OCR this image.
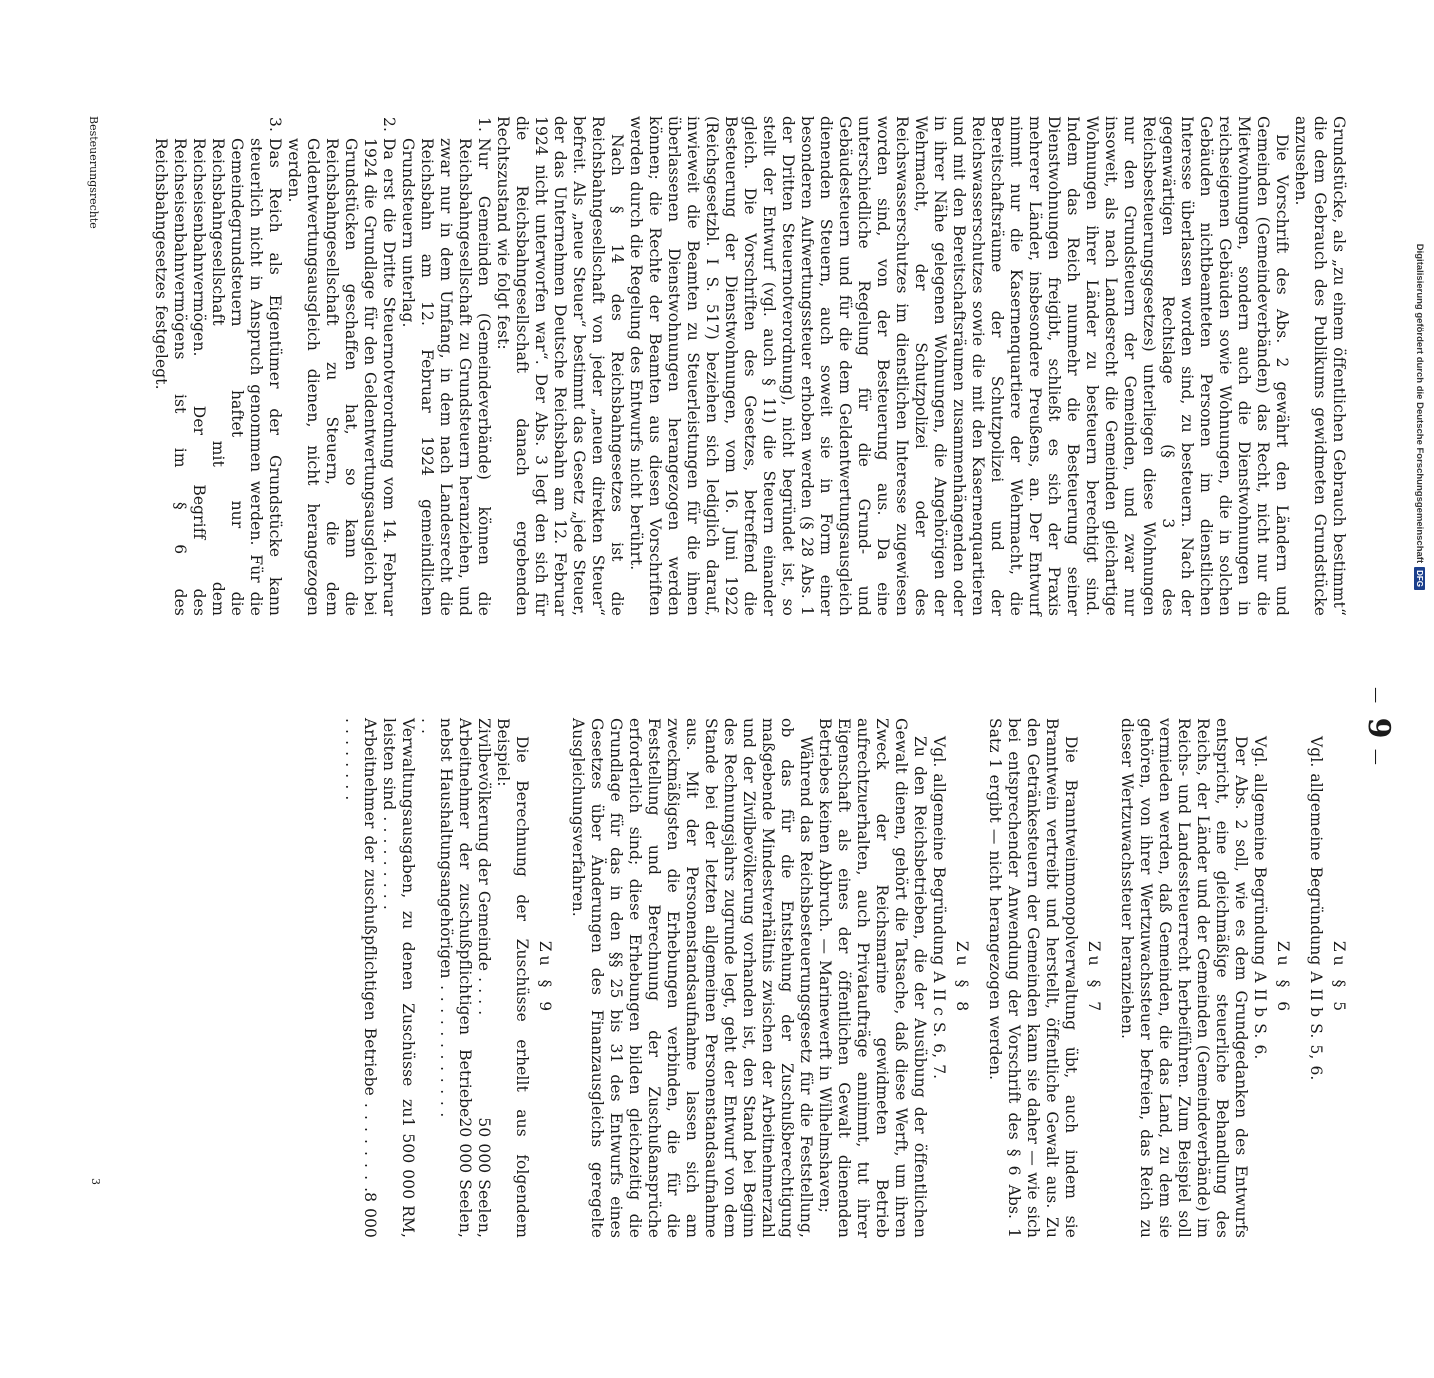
— 9 —

Grundstücke, als „zu einem öffentlichen Gebrauch bestimmt“ die dem Gebrauch des Publikums gewidmeten Grundstücke anzusehen.

Die Vorschrift des Abs. 2 gewährt den Ländern und Gemeinden (Gemeindeverbänden) das Recht, nicht nur die Mietwohnungen, sondern auch die Dienstwohnungen in reichseigenen Gebäuden sowie Wohnungen, die in solchen Gebäuden nichtbeamteten Personen im dienstlichen Interesse überlassen worden sind, zu besteuern. Nach der gegenwärtigen Rechtslage (§ 3 des Reichsbesteuerungsgesetzes) unterliegen diese Wohnungen nur den Grundsteuern der Gemeinden, und zwar nur insoweit, als nach Landesrecht die Gemeinden gleichartige Wohnungen ihrer Länder zu besteuern berechtigt sind. Indem das Reich nunmehr die Besteuerung seiner Dienstwohnungen freigibt, schließt es sich der Praxis mehrerer Länder, insbesondere Preußens, an. Der Entwurf nimmt nur die Kasernenquartiere der Wehrmacht, die Bereitschaftsräume der Schutzpolizei und der Reichswasserschutzes sowie die mit den Kasernenquartieren und mit den Bereitschaftsräumen zusammenhängenden oder in ihrer Nähe gelegenen Wohnungen, die Angehörigen der Wehrmacht, der Schutzpolizei oder des Reichswasserschutzes im dienstlichen Interesse zugewiesen worden sind, von der Besteuerung aus. Da eine unterschiedliche Regelung für die Grund- und Gebäudesteuern und für die dem Geldentwertungsausgleich dienenden Steuern, auch soweit sie in Form einer besonderen Aufwertungssteuer erhoben werden (§ 28 Abs. 1 der Dritten Steuernotverordnung), nicht begründet ist, so stellt der Entwurf (vgl. auch § 11) die Steuern einander gleich. Die Vorschriften des Gesetzes, betreffend die Besteuerung der Dienstwohnungen, vom 16. Juni 1922 (Reichsgesetzbl. I S. 517) beziehen sich lediglich darauf, inwieweit die Beamten zu Steuerleistungen für die ihnen überlassenen Dienstwohnungen herangezogen werden können; die Rechte der Beamten aus diesen Vorschriften werden durch die Regelung des Entwurfs nicht berührt.

Nach § 14 des Reichsbahngesetzes ist die Reichsbahngesellschaft von jeder „neuen direkten Steuer“ befreit. Als „neue Steuer“ bestimmt das Gesetz „jede Steuer, der das Unternehmen Deutsche Reichsbahn am 12. Februar 1924 nicht unterworfen war“. Der Abs. 3 legt den sich für die Reichsbahngesellschaft danach ergebenden Rechtszustand wie folgt fest:

1. Nur Gemeinden (Gemeindeverbände) können die Reichsbahngesellschaft zu Grundsteuern heranziehen, und zwar nur in dem Umfang, in dem nach Landesrecht die Reichsbahn am 12. Februar 1924 gemeindlichen Grundsteuern unterlag.
2. Da erst die Dritte Steuernotverordnung vom 14. Februar 1924 die Grundlage für den Geldentwertungsausgleich bei Grundstücken geschaffen hat, so kann die Reichsbahngesellschaft zu Steuern, die dem Geldentwertungsausgleich dienen, nicht herangezogen werden.
3. Das Reich als Eigentümer der Grundstücke kann steuerlich nicht in Anspruch genommen werden. Für die Gemeindegrundsteuern haftet nur die Reichsbahngesellschaft mit dem Reichseisenbahnvermögen. Der Begriff des Reichseisenbahnvermögens ist im § 6 des Reichsbahngesetzes festgelegt.
Zu § 5

Vgl. allgemeine Begründung A II b S. 5, 6.

Zu § 6

Vgl. allgemeine Begründung A II b S. 6.

Der Abs. 2 soll, wie es dem Grundgedanken des Entwurfs entspricht, eine gleichmäßige steuerliche Behandlung des Reichs, der Länder und der Gemeinden (Gemeindeverbände) im Reichs- und Landessteuerrecht herbeiführen. Zum Beispiel soll vermieden werden, daß Gemeinden, die das Land, zu dem sie gehören, von ihrer Wertzuwachssteuer befreien, das Reich zu dieser Wertzuwachssteuer heranziehen.

Zu § 7

Die Branntweinmonopolverwaltung übt, auch indem sie Branntwein vertreibt und herstellt, öffentliche Gewalt aus. Zu den Getränkesteuern der Gemeinden kann sie daher — wie sich bei entsprechender Anwendung der Vorschrift des § 6 Abs. 1 Satz 1 ergibt — nicht herangezogen werden.

Zu § 8

Vgl. allgemeine Begründung A II c S. 6, 7.

Zu den Reichsbetrieben, die der Ausübung der öffentlichen Gewalt dienen, gehört die Tatsache, daß diese Werft, um ihren Zweck der Reichsmarine gewidmeten Betrieb aufrechtzuerhalten, auch Privataufträge annimmt, tut ihrer Eigenschaft als eines der öffentlichen Gewalt dienenden Betriebes keinen Abbruch. — Marinewerft in Wilhelmshaven;

Während das Reichsbesteuerungsgesetz für die Feststellung, ob das für die Entstehung der Zuschußberechtigung maßgebende Mindestverhältnis zwischen der Arbeitnehmerzahl und der Zivilbevölkerung vorhanden ist, den Stand bei Beginn des Rechnungsjahrs zugrunde legt, geht der Entwurf von dem Stande bei der letzten allgemeinen Personenstandsaufnahme aus. Mit der Personenstandsaufnahme lassen sich am zweckmäßigsten die Erhebungen verbinden, die für die Feststellung und Berechnung der Zuschußansprüche erforderlich sind; diese Erhebungen bilden gleichzeitig die Grundlage für das in den §§ 25 bis 31 des Entwurfs eines Gesetzes über Änderungen des Finanzausgleichs geregelte Ausgleichungsverfahren.

Zu § 9

Die Berechnung der Zuschüsse erhellt aus folgendem Beispiel:

Zivilbevölkerung der Gemeinde . . . .
50 000 Seelen,
Arbeitnehmer der zuschußpflichtigen Betriebe nebst Haushaltungsangehörigen . . . . . . . . . . . . . .
20 000 Seelen,
Verwaltungsausgaben, zu denen Zuschüsse zu leisten sind . . . . . . . . .
1 500 000 RM,
Arbeitnehmer der zuschußpflichtigen Betriebe . . . . . . . . . . . . . . . .
8 000
Besteuerungsrechte
3
DFG
Digitalisierung gefördert durch die Deutsche Forschungsgemeinschaft
